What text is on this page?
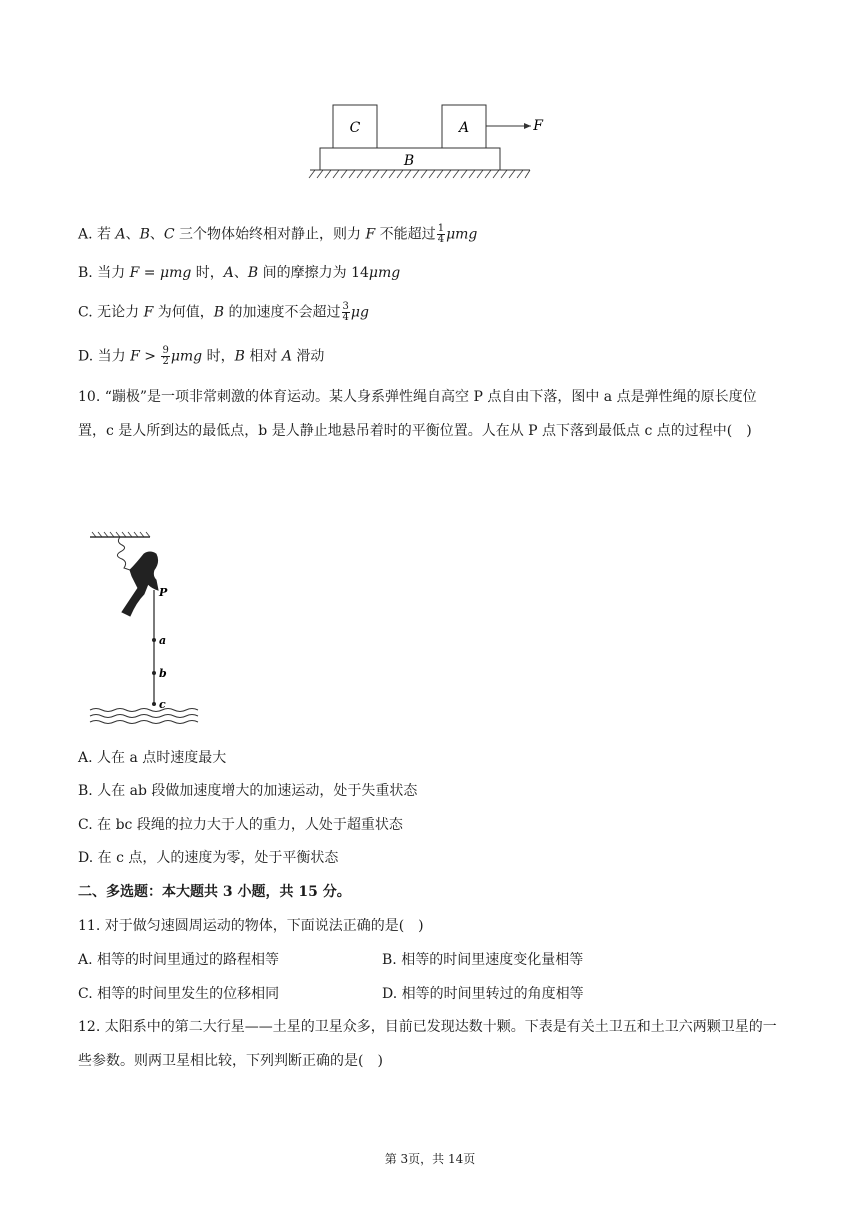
C	A
B
F
A. 若 A、B、C 三个物体始终相对静止，则力 F 不能超过 $\frac{1}{4}$ μmg
B. 当力 F = μmg 时，A、B 间的摩擦力为 14μmg
C. 无论力 F 为何值，B 的加速度不会超过 $\frac{3}{4}$ μg
D. 当力 $F > \frac{9}{2}$ μmg 时，B 相对 A 滑动
10. “蹦极”是一项非常刺激的体育运动。某人身系弹性绳自高空 P 点自由下落，图中 a 点是弹性绳的原长度位置，c 是人所到达的最低点，b 是人静止地悬吊着时的平衡位置。人在从 P 点下落到最低点 c 点的过程中(　)
P
a
b
c
A. 人在 a 点时速度最大
B. 人在 ab 段做加速度增大的加速运动，处于失重状态
C. 在 bc 段绳的拉力大于人的重力，人处于超重状态
D. 在 c 点，人的速度为零，处于平衡状态
二、多选题：本大题共 3 小题，共 15 分。
11. 对于做匀速圆周运动的物体，下面说法正确的是(　)
A. 相等的时间里通过的路程相等	B. 相等的时间里速度变化量相等
C. 相等的时间里发生的位移相同	D. 相等的时间里转过的角度相等
12. 太阳系中的第二大行星——土星的卫星众多，目前已发现达数十颗。下表是有关土卫五和土卫六两颗卫星的一些参数。则两卫星相比较，下列判断正确的是(　)
第 3页，共 14页
